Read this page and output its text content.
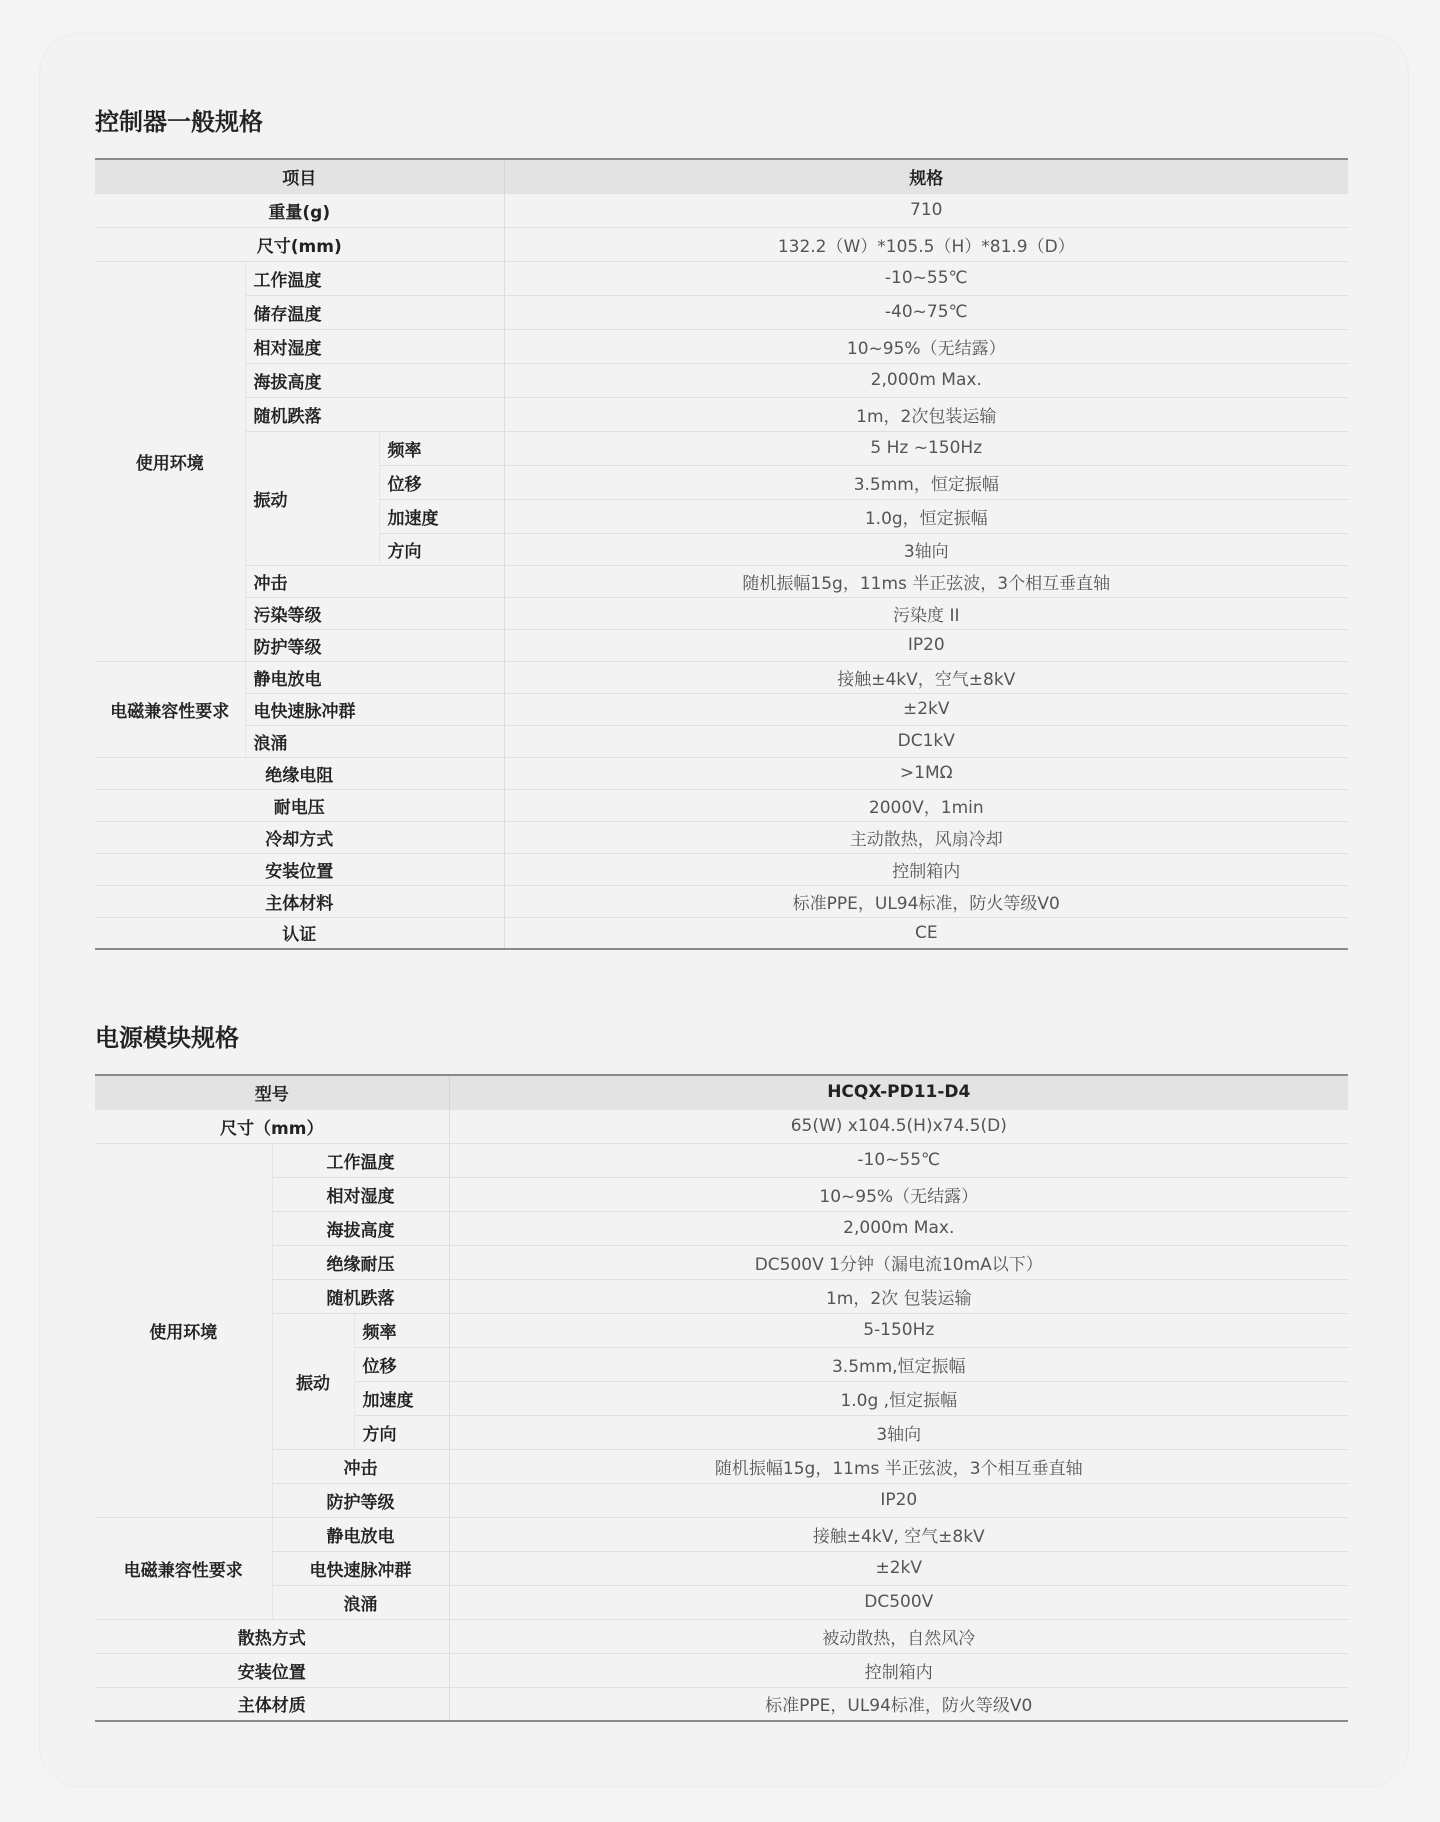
控制器一般规格
项目			规格
重量(g)			710
尺寸(mm)			132.2（W）*105.5（H）*81.9（D）
使用环境	工作温度		-10~55℃
	储存温度		-40~75℃
	相对湿度		10~95%（无结露）
	海拔高度		2,000m Max.
	随机跌落		1m，2次包装运输
	振动	频率	5 Hz ~150Hz
		位移	3.5mm，恒定振幅
		加速度	1.0g，恒定振幅
		方向	3轴向
	冲击		随机振幅15g，11ms 半正弦波，3个相互垂直轴
	污染等级		污染度 II
	防护等级		IP20
电磁兼容性要求	静电放电		接触±4kV，空气±8kV
	电快速脉冲群		±2kV
	浪涌		DC1kV
绝缘电阻			>1MΩ
耐电压			2000V，1min
冷却方式			主动散热，风扇冷却
安装位置			控制箱内
主体材料			标准PPE，UL94标准，防火等级V0
认证			CE
电源模块规格
型号			HCQX-PD11-D4
尺寸（mm）			65(W) x104.5(H)x74.5(D)
使用环境	工作温度		-10~55℃
	相对湿度		10~95%（无结露）
	海拔高度		2,000m Max.
	绝缘耐压		DC500V 1分钟（漏电流10mA以下）
	随机跌落		1m，2次 包装运输
	振动	频率	5-150Hz
		位移	3.5mm,恒定振幅
		加速度	1.0g ,恒定振幅
		方向	3轴向
	冲击		随机振幅15g，11ms 半正弦波，3个相互垂直轴
	防护等级		IP20
电磁兼容性要求	静电放电		接触±4kV, 空气±8kV
	电快速脉冲群		±2kV
	浪涌		DC500V
散热方式			被动散热，自然风冷
安装位置			控制箱内
主体材质			标准PPE，UL94标准，防火等级V0
